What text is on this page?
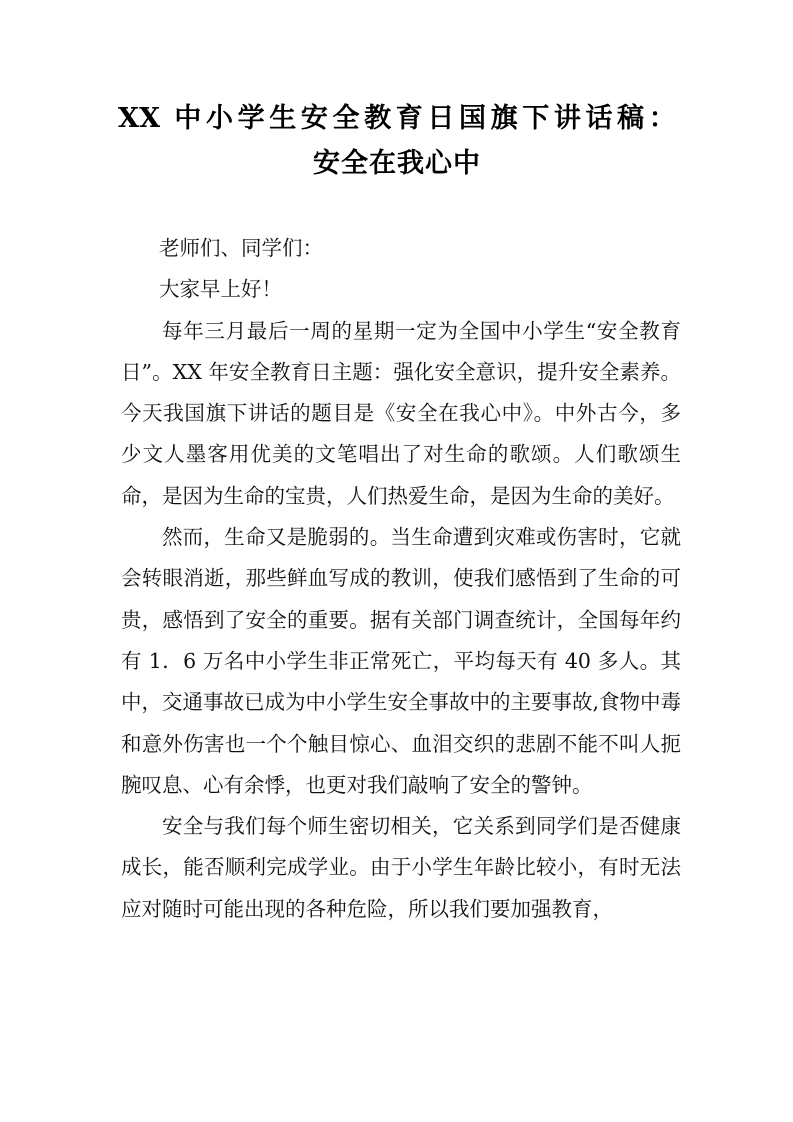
XX 中小学生安全教育日国旗下讲话稿：
安全在我心中

老师们、同学们：

大家早上好！

每年三月最后一周的星期一定为全国中小学生“安全教育日”。XX 年安全教育日主题：强化安全意识，提升安全素养。今天我国旗下讲话的题目是《安全在我心中》。中外古今，多少文人墨客用优美的文笔唱出了对生命的歌颂。人们歌颂生命，是因为生命的宝贵，人们热爱生命，是因为生命的美好。

然而，生命又是脆弱的。当生命遭到灾难或伤害时，它就会转眼消逝，那些鲜血写成的教训，使我们感悟到了生命的可贵，感悟到了安全的重要。据有关部门调查统计，全国每年约有 1．6 万名中小学生非正常死亡，平均每天有 40 多人。其中，交通事故已成为中小学生安全事故中的主要事故,食物中毒和意外伤害也一个个触目惊心、血泪交织的悲剧不能不叫人扼腕叹息、心有余悸，也更对我们敲响了安全的警钟。

安全与我们每个师生密切相关，它关系到同学们是否健康成长，能否顺利完成学业。由于小学生年龄比较小，有时无法应对随时可能出现的各种危险，所以我们要加强教育，
